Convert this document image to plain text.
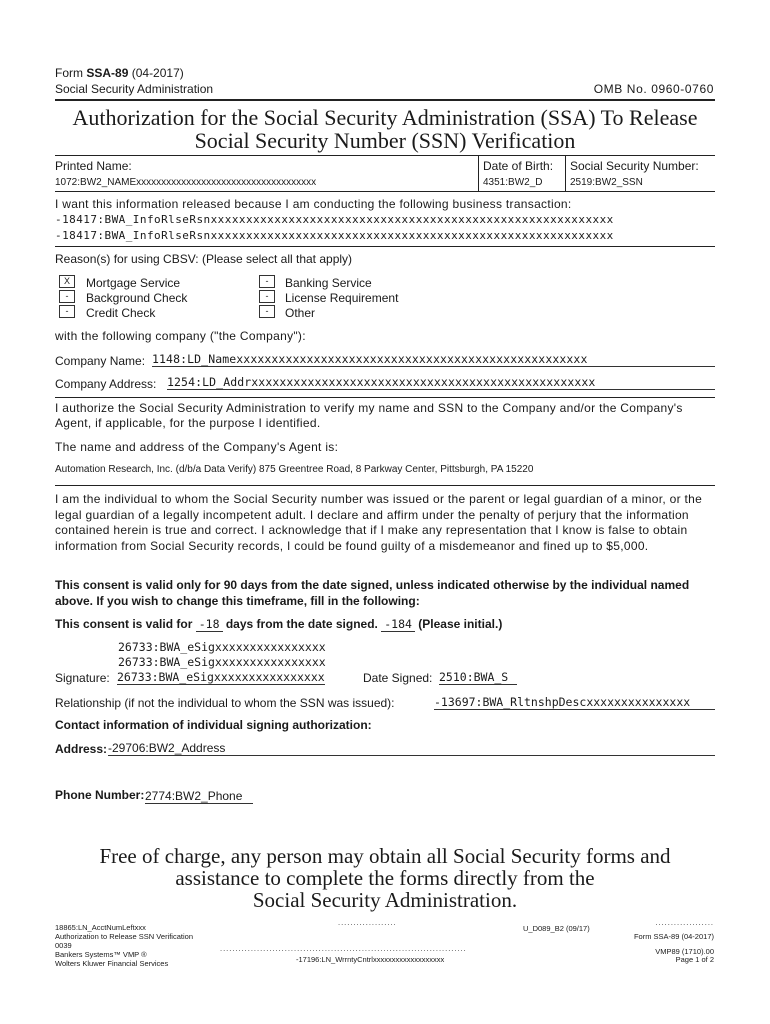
Form SSA-89 (04-2017)
Social Security Administration	OMB No. 0960-0760
Authorization for the Social Security Administration (SSA) To Release
Social Security Number (SSN) Verification
Printed Name:
1072:BW2_NAMExxxxxxxxxxxxxxxxxxxxxxxxxxxxxxxxxxxx
Date of Birth:
4351:BW2_D
Social Security Number:
2519:BW2_SSN
I want this information released because I am conducting the following business transaction:
-18417:BWA_InfoRlseRsnxxxxxxxxxxxxxxxxxxxxxxxxxxxxxxxxxxxxxxxxxxxxxxxxxxxxxxxxx
-18417:BWA_InfoRlseRsnxxxxxxxxxxxxxxxxxxxxxxxxxxxxxxxxxxxxxxxxxxxxxxxxxxxxxxxxx
Reason(s) for using CBSV: (Please select all that apply)
X	Mortgage Service
-	Background Check
-	Credit Check
-	Banking Service
-	License Requirement
-	Other
with the following company ("the Company"):
Company Name: 1148:LD_Namexxxxxxxxxxxxxxxxxxxxxxxxxxxxxxxxxxxxxxxxxxxxxxxxxx
Company Address: 1254:LD_Addrxxxxxxxxxxxxxxxxxxxxxxxxxxxxxxxxxxxxxxxxxxxxxxxxx
I authorize the Social Security Administration to verify my name and SSN to the Company and/or the Company's Agent, if applicable, for the purpose I identified.
The name and address of the Company's Agent is:
Automation Research, Inc. (d/b/a Data Verify) 875 Greentree Road, 8 Parkway Center, Pittsburgh, PA 15220
I am the individual to whom the Social Security number was issued or the parent or legal guardian of a minor, or the legal guardian of a legally incompetent adult. I declare and affirm under the penalty of perjury that the information contained herein is true and correct. I acknowledge that if I make any representation that I know is false to obtain information from Social Security records, I could be found guilty of a misdemeanor and fined up to $5,000.
This consent is valid only for 90 days from the date signed, unless indicated otherwise by the individual named above. If you wish to change this timeframe, fill in the following:
This consent is valid for -18 days from the date signed. -184 (Please initial.)
26733:BWA_eSigxxxxxxxxxxxxxxxx
26733:BWA_eSigxxxxxxxxxxxxxxxx
Signature: 26733:BWA_eSigxxxxxxxxxxxxxxxx	Date Signed: 2510:BWA_S
Relationship (if not the individual to whom the SSN was issued):	-13697:BWA_RltnshpDescxxxxxxxxxxxxxxx
Contact information of individual signing authorization:
Address: -29706:BW2_Address
Phone Number: 2774:BW2_Phone
Free of charge, any person may obtain all Social Security forms and
assistance to complete the forms directly from the
Social Security Administration.
18865:LN_AcctNumLeftxxx
Authorization to Release SSN Verification
0039
Bankers Systems™ VMP ®
Wolters Kluwer Financial Services
...................
U_D089_B2 (09/17)
................................................................................
-17196:LN_WrrntyCntrlxxxxxxxxxxxxxxxxxxx
...................
Form SSA-89 (04-2017)
VMP89 (1710).00
Page 1 of 2
